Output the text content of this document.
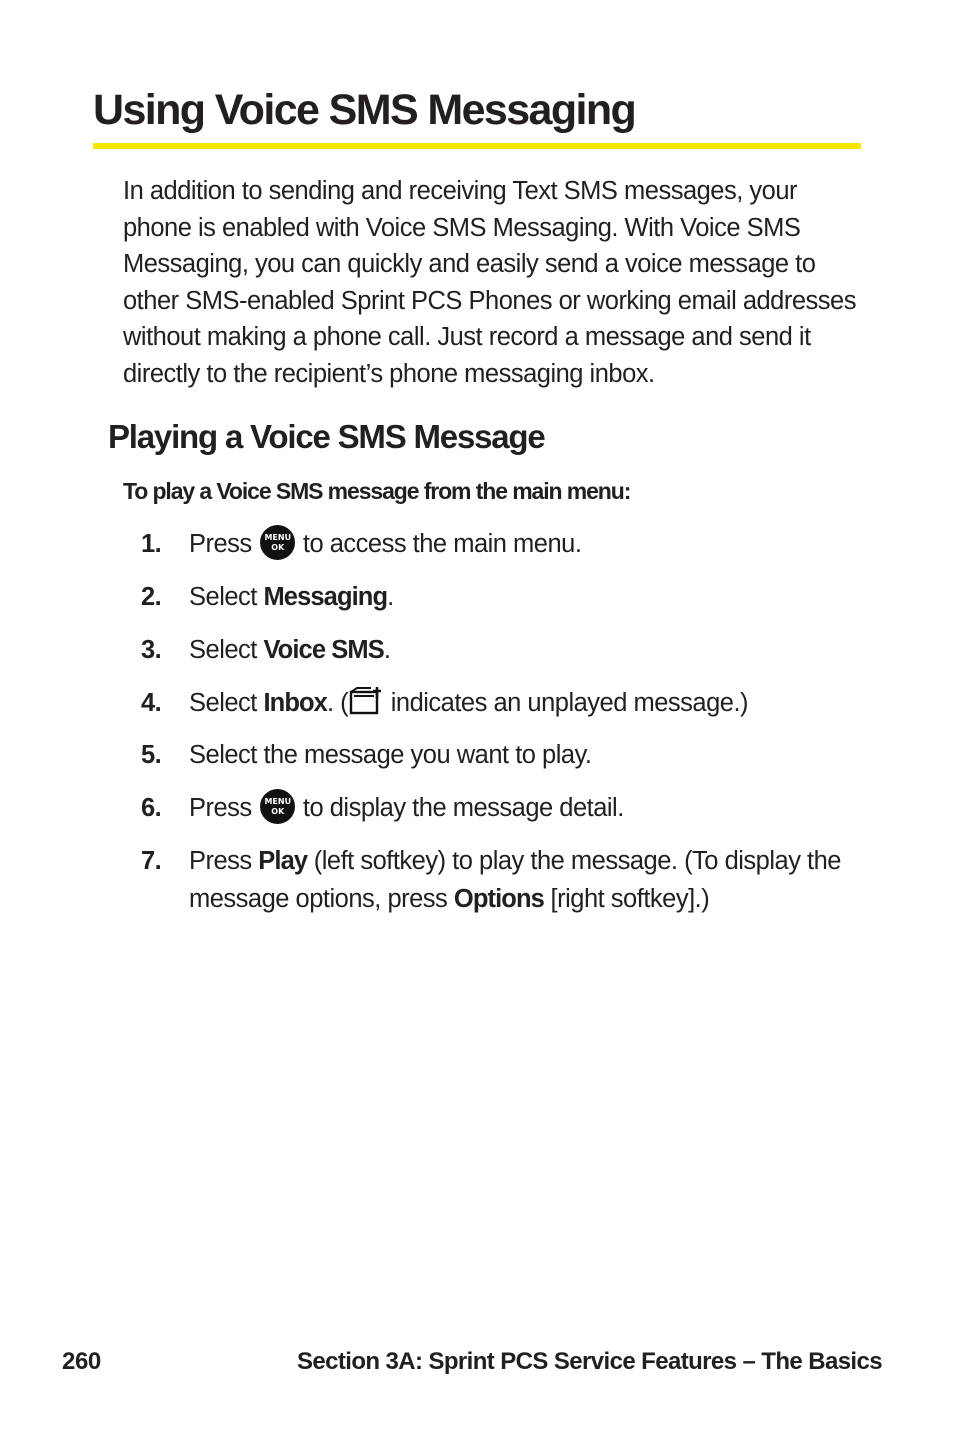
Using Voice SMS Messaging

In addition to sending and receiving Text SMS messages, your phone is enabled with Voice SMS Messaging. With Voice SMS Messaging, you can quickly and easily send a voice message to other SMS-enabled Sprint PCS Phones or working email addresses without making a phone call. Just record a message and send it directly to the recipient’s phone messaging inbox.

Playing a Voice SMS Message

To play a Voice SMS message from the main menu:

1.	Press MENU
OK to access the main menu.
2.	Select Messaging.
3.	Select Voice SMS.
4.	Select Inbox. ( indicates an unplayed message.)
5.	Select the message you want to play.
6.	Press MENU
OK to display the message detail.
7.	Press Play (left softkey) to play the message. (To display the message options, press Options [right softkey].)

260	Section 3A: Sprint PCS Service Features – The Basics
